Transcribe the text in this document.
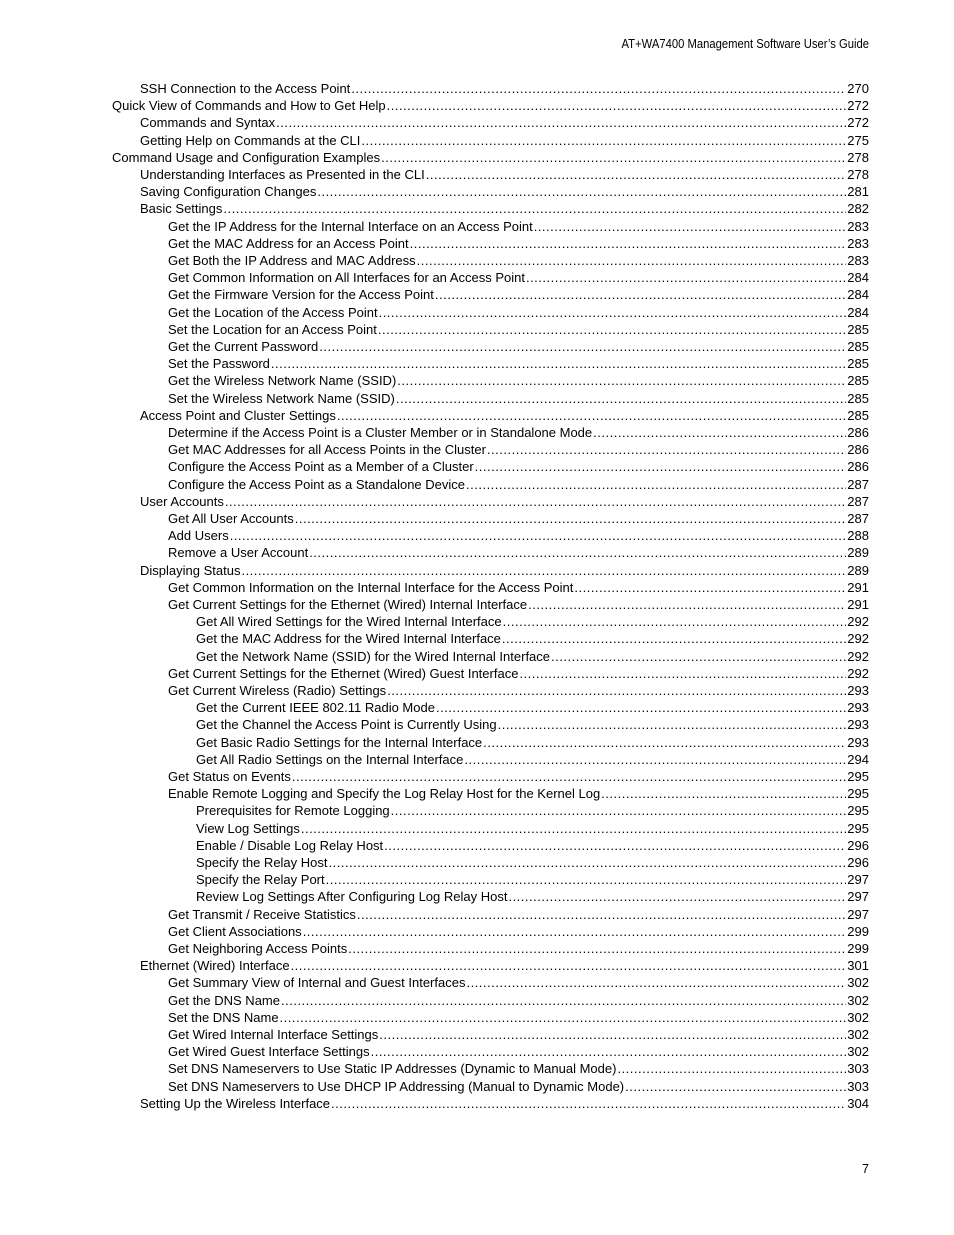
AT+WA7400 Management Software User’s Guide
SSH Connection to the Access Point .....	270
Quick View of Commands and How to Get Help .....	272
Commands and Syntax .....	272
Getting Help on Commands at the CLI .....	275
Command Usage and Configuration Examples .....	278
Understanding Interfaces as Presented in the CLI .....	278
Saving Configuration Changes .....	281
Basic Settings .....	282
Get the IP Address for the Internal Interface on an Access Point .....	283
Get the MAC Address for an Access Point .....	283
Get Both the IP Address and MAC Address .....	283
Get Common Information on All Interfaces for an Access Point .....	284
Get the Firmware Version for the Access Point .....	284
Get the Location of the Access Point .....	284
Set the Location for an Access Point .....	285
Get the Current Password .....	285
Set the Password .....	285
Get the Wireless Network Name (SSID) .....	285
Set the Wireless Network Name (SSID) .....	285
Access Point and Cluster Settings .....	285
Determine if the Access Point is a Cluster Member or in Standalone Mode .....	286
Get MAC Addresses for all Access Points in the Cluster .....	286
Configure the Access Point as a Member of a Cluster .....	286
Configure the Access Point as a Standalone Device .....	287
User Accounts .....	287
Get All User Accounts .....	287
Add Users .....	288
Remove a User Account .....	289
Displaying Status .....	289
Get Common Information on the Internal Interface for the Access Point .....	291
Get Current Settings for the Ethernet (Wired) Internal Interface .....	291
Get All Wired Settings for the Wired Internal Interface .....	292
Get the MAC Address for the Wired Internal Interface .....	292
Get the Network Name (SSID) for the Wired Internal Interface .....	292
Get Current Settings for the Ethernet (Wired) Guest Interface .....	292
Get Current Wireless (Radio) Settings .....	293
Get the Current IEEE 802.11 Radio Mode .....	293
Get the Channel the Access Point is Currently Using .....	293
Get Basic Radio Settings for the Internal Interface .....	293
Get All Radio Settings on the Internal Interface .....	294
Get Status on Events .....	295
Enable Remote Logging and Specify the Log Relay Host for the Kernel Log .....	295
Prerequisites for Remote Logging .....	295
View Log Settings .....	295
Enable / Disable Log Relay Host .....	296
Specify the Relay Host .....	296
Specify the Relay Port .....	297
Review Log Settings After Configuring Log Relay Host .....	297
Get Transmit / Receive Statistics .....	297
Get Client Associations .....	299
Get Neighboring Access Points .....	299
Ethernet (Wired) Interface .....	301
Get Summary View of Internal and Guest Interfaces .....	302
Get the DNS Name .....	302
Set the DNS Name .....	302
Get Wired Internal Interface Settings .....	302
Get Wired Guest Interface Settings .....	302
Set DNS Nameservers to Use Static IP Addresses (Dynamic to Manual Mode) .....	303
Set DNS Nameservers to Use DHCP IP Addressing (Manual to Dynamic Mode) .....	303
Setting Up the Wireless Interface .....	304
7
